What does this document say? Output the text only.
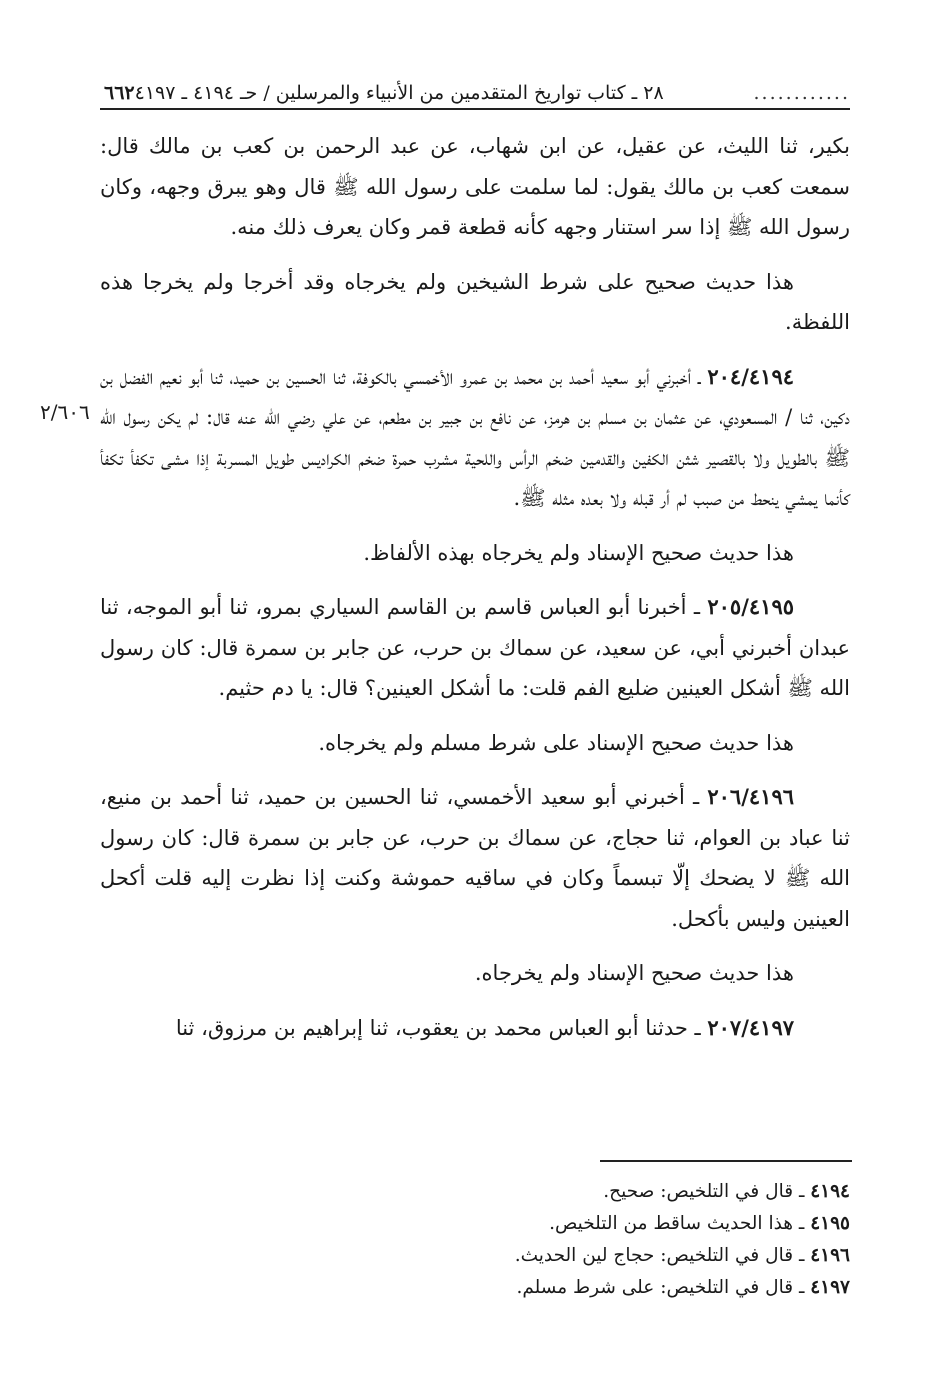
٦٦٢ ٢٨ ـ كتاب تواريخ المتقدمين من الأنبياء والمرسلين / حـ ٤١٩٤ ـ ٤١٩٧	............
٢/٦٠٦

بكير، ثنا الليث، عن عقيل، عن ابن شهاب، عن عبد الرحمن بن كعب بن مالك قال: سمعت كعب بن مالك يقول: لما سلمت على رسول الله ﷺ قال وهو يبرق وجهه، وكان رسول الله ﷺ إذا سر استنار وجهه كأنه قطعة قمر وكان يعرف ذلك منه.

هذا حديث صحيح على شرط الشيخين ولم يخرجاه وقد أخرجا ولم يخرجا هذه اللفظة.

٢٠٤/٤١٩٤ ـ أخبرني أبو سعيد أحمد بن محمد بن عمرو الأخمسي بالكوفة، ثنا الحسين بن حميد، ثنا أبو نعيم الفضل بن دكين، ثنا / المسعودي، عن عثمان بن مسلم بن هرمز، عن نافع بن جبير بن مطعم، عن علي رضي الله عنه قال: لم يكن رسول الله ﷺ بالطويل ولا بالقصير شثن الكفين والقدمين ضخم الرأس واللحية مشرب حمرة ضخم الكراديس طويل المسربة إذا مشى تكفأ تكفأ كأنما يمشي ينحط من صبب لم أر قبله ولا بعده مثله ﷺ.

هذا حديث صحيح الإسناد ولم يخرجاه بهذه الألفاظ.

٢٠٥/٤١٩٥ ـ أخبرنا أبو العباس قاسم بن القاسم السياري بمرو، ثنا أبو الموجه، ثنا عبدان أخبرني أبي، عن سعيد، عن سماك بن حرب، عن جابر بن سمرة قال: كان رسول الله ﷺ أشكل العينين ضليع الفم قلت: ما أشكل العينين؟ قال: يا دم حثيم.

هذا حديث صحيح الإسناد على شرط مسلم ولم يخرجاه.

٢٠٦/٤١٩٦ ـ أخبرني أبو سعيد الأخمسي، ثنا الحسين بن حميد، ثنا أحمد بن منيع، ثنا عباد بن العوام، ثنا حجاج، عن سماك بن حرب، عن جابر بن سمرة قال: كان رسول الله ﷺ لا يضحك إلّا تبسماً وكان في ساقيه حموشة وكنت إذا نظرت إليه قلت أكحل العينين وليس بأكحل.

هذا حديث صحيح الإسناد ولم يخرجاه.

٢٠٧/٤١٩٧ ـ حدثنا أبو العباس محمد بن يعقوب، ثنا إبراهيم بن مرزوق، ثنا

٤١٩٤ ـ قال في التلخيص: صحيح.
٤١٩٥ ـ هذا الحديث ساقط من التلخيص.
٤١٩٦ ـ قال في التلخيص: حجاج لين الحديث.
٤١٩٧ ـ قال في التلخيص: على شرط مسلم.
